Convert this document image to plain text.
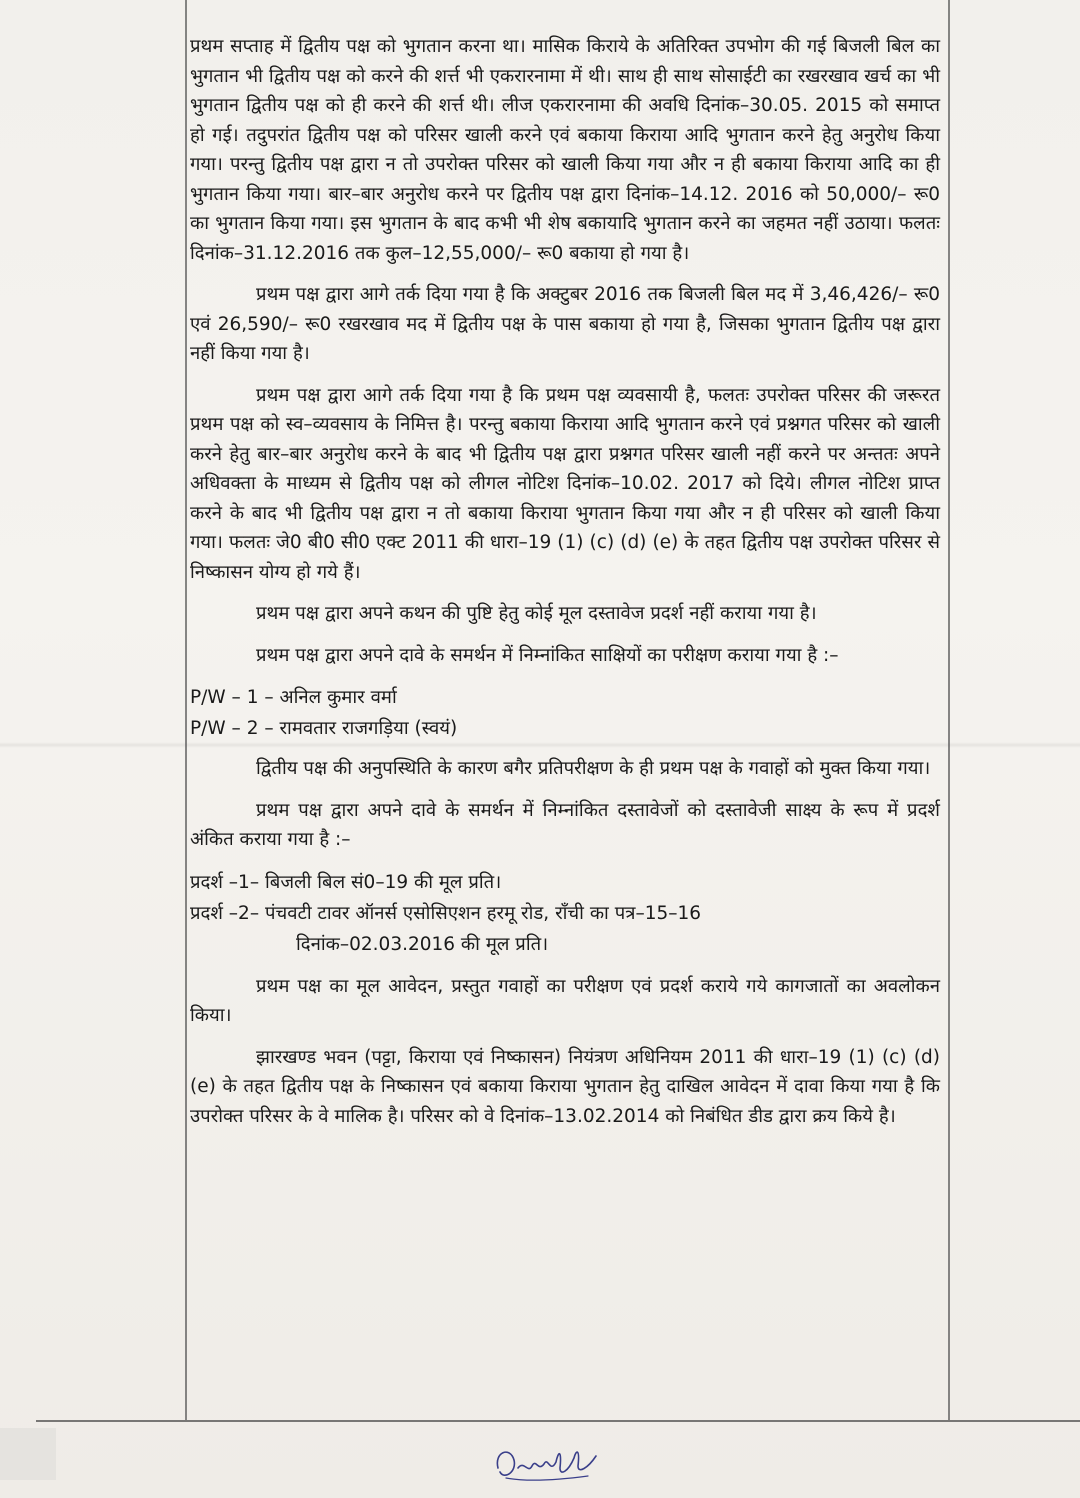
प्रथम सप्ताह में द्वितीय पक्ष को भुगतान करना था। मासिक किराये के अतिरिक्त उपभोग की गई बिजली बिल का भुगतान भी द्वितीय पक्ष को करने की शर्त्त भी एकरारनामा में थी। साथ ही साथ सोसाईटी का रखरखाव खर्च का भी भुगतान द्वितीय पक्ष को ही करने की शर्त्त थी। लीज एकरारनामा की अवधि दिनांक–30.05. 2015 को समाप्त हो गई। तदुपरांत द्वितीय पक्ष को परिसर खाली करने एवं बकाया किराया आदि भुगतान करने हेतु अनुरोध किया गया। परन्तु द्वितीय पक्ष द्वारा न तो उपरोक्त परिसर को खाली किया गया और न ही बकाया किराया आदि का ही भुगतान किया गया। बार–बार अनुरोध करने पर द्वितीय पक्ष द्वारा दिनांक–14.12. 2016 को 50,000/– रू0 का भुगतान किया गया। इस भुगतान के बाद कभी भी शेष बकायादि भुगतान करने का जहमत नहीं उठाया। फलतः दिनांक–31.12.2016 तक कुल–12,55,000/– रू0 बकाया हो गया है।

प्रथम पक्ष द्वारा आगे तर्क दिया गया है कि अक्टुबर 2016 तक बिजली बिल मद में 3,46,426/– रू0 एवं 26,590/– रू0 रखरखाव मद में द्वितीय पक्ष के पास बकाया हो गया है, जिसका भुगतान द्वितीय पक्ष द्वारा नहीं किया गया है।

प्रथम पक्ष द्वारा आगे तर्क दिया गया है कि प्रथम पक्ष व्यवसायी है, फलतः उपरोक्त परिसर की जरूरत प्रथम पक्ष को स्व–व्यवसाय के निमित्त है। परन्तु बकाया किराया आदि भुगतान करने एवं प्रश्नगत परिसर को खाली करने हेतु बार–बार अनुरोध करने के बाद भी द्वितीय पक्ष द्वारा प्रश्नगत परिसर खाली नहीं करने पर अन्ततः अपने अधिवक्ता के माध्यम से द्वितीय पक्ष को लीगल नोटिश दिनांक–10.02. 2017 को दिये। लीगल नोटिश प्राप्त करने के बाद भी द्वितीय पक्ष द्वारा न तो बकाया किराया भुगतान किया गया और न ही परिसर को खाली किया गया। फलतः जे0 बी0 सी0 एक्ट 2011 की धारा–19 (1) (c) (d) (e) के तहत द्वितीय पक्ष उपरोक्त परिसर से निष्कासन योग्य हो गये हैं।

प्रथम पक्ष द्वारा अपने कथन की पुष्टि हेतु कोई मूल दस्तावेज प्रदर्श नहीं कराया गया है।

प्रथम पक्ष द्वारा अपने दावे के समर्थन में निम्नांकित साक्षियों का परीक्षण कराया गया है :–

P/W – 1 – अनिल कुमार वर्मा

P/W – 2 – रामवतार राजगड़िया (स्वयं)

द्वितीय पक्ष की अनुपस्थिति के कारण बगैर प्रतिपरीक्षण के ही प्रथम पक्ष के गवाहों को मुक्त किया गया।

प्रथम पक्ष द्वारा अपने दावे के समर्थन में निम्नांकित दस्तावेजों को दस्तावेजी साक्ष्य के रूप में प्रदर्श अंकित कराया गया है :–

प्रदर्श –1– बिजली बिल सं0–19 की मूल प्रति।

प्रदर्श –2– पंचवटी टावर ऑनर्स एसोसिएशन हरमू रोड, राँची का पत्र–15–16

दिनांक–02.03.2016 की मूल प्रति।

प्रथम पक्ष का मूल आवेदन, प्रस्तुत गवाहों का परीक्षण एवं प्रदर्श कराये गये कागजातों का अवलोकन किया।

झारखण्ड भवन (पट्टा, किराया एवं निष्कासन) नियंत्रण अधिनियम 2011 की धारा–19 (1) (c) (d) (e) के तहत द्वितीय पक्ष के निष्कासन एवं बकाया किराया भुगतान हेतु दाखिल आवेदन में दावा किया गया है कि उपरोक्त परिसर के वे मालिक है। परिसर को वे दिनांक–13.02.2014 को निबंधित डीड द्वारा क्रय किये है।
